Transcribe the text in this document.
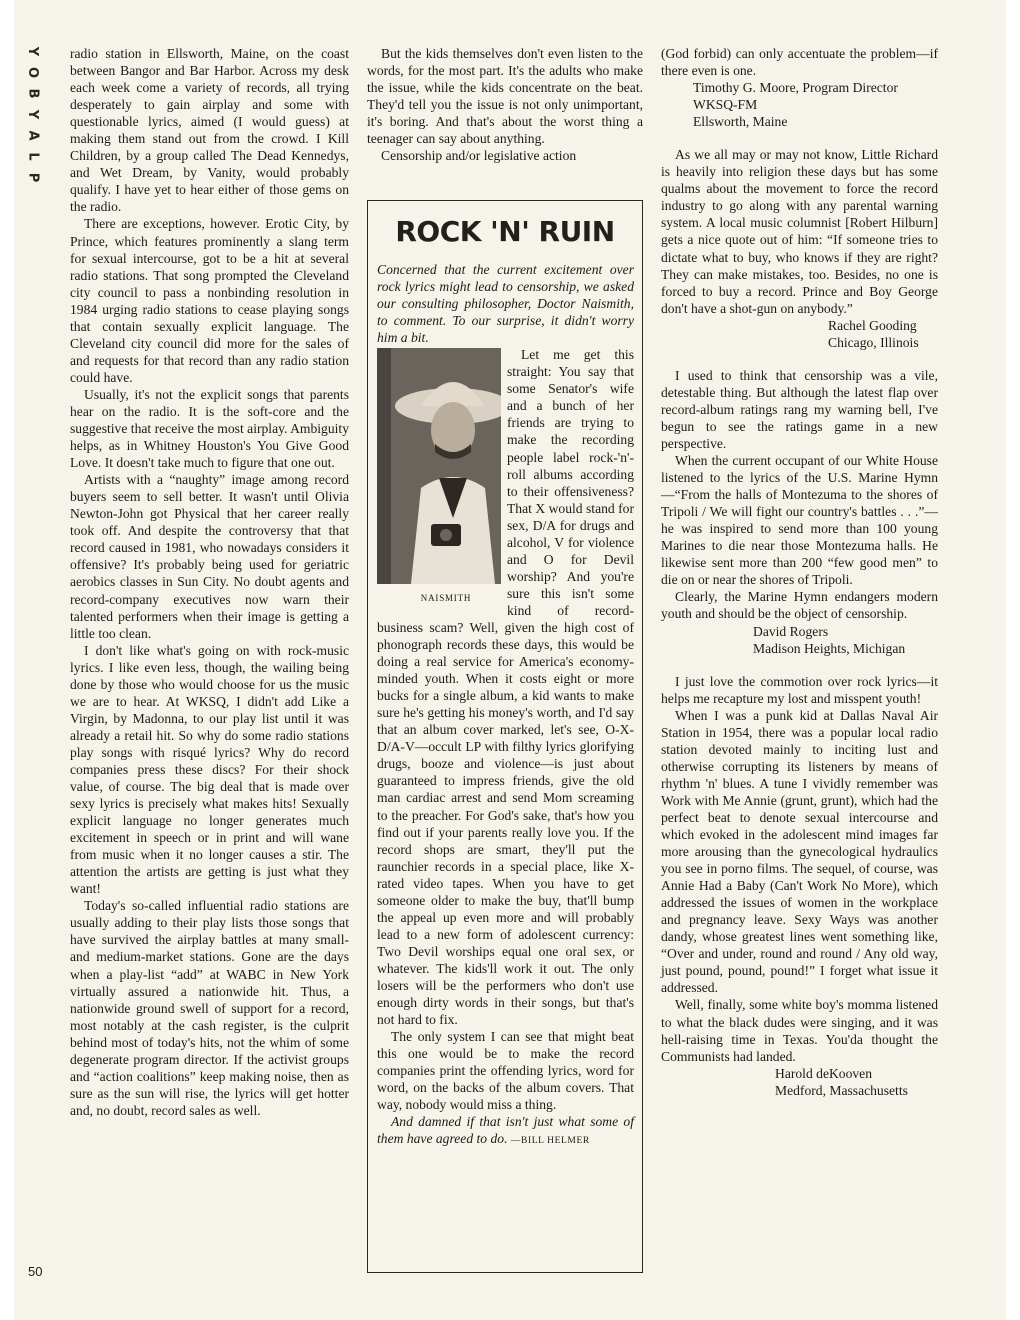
Y
O
B
Y
A
L
P
50

radio station in Ellsworth, Maine, on the coast between Bangor and Bar Harbor. Across my desk each week come a variety of records, all trying desperately to gain airplay and some with questionable lyrics, aimed (I would guess) at making them stand out from the crowd. I Kill Children, by a group called The Dead Kennedys, and Wet Dream, by Vanity, would probably qualify. I have yet to hear either of those gems on the radio.

There are exceptions, however. Erotic City, by Prince, which features prominently a slang term for sexual intercourse, got to be a hit at several radio stations. That song prompted the Cleveland city council to pass a nonbinding resolution in 1984 urging radio stations to cease playing songs that contain sexually explicit language. The Cleveland city council did more for the sales of and requests for that record than any radio station could have.

Usually, it's not the explicit songs that parents hear on the radio. It is the soft-core and the suggestive that receive the most airplay. Ambiguity helps, as in Whitney Houston's You Give Good Love. It doesn't take much to figure that one out.

Artists with a “naughty” image among record buyers seem to sell better. It wasn't until Olivia Newton-John got Physical that her career really took off. And despite the controversy that that record caused in 1981, who nowadays considers it offensive? It's probably being used for geriatric aerobics classes in Sun City. No doubt agents and record-company executives now warn their talented performers when their image is getting a little too clean.

I don't like what's going on with rock-music lyrics. I like even less, though, the wailing being done by those who would choose for us the music we are to hear. At WKSQ, I didn't add Like a Virgin, by Madonna, to our play list until it was already a retail hit. So why do some radio stations play songs with risqué lyrics? Why do record companies press these discs? For their shock value, of course. The big deal that is made over sexy lyrics is precisely what makes hits! Sexually explicit language no longer generates much excitement in speech or in print and will wane from music when it no longer causes a stir. The attention the artists are getting is just what they want!

Today's so-called influential radio stations are usually adding to their play lists those songs that have survived the airplay battles at many small- and medium-market stations. Gone are the days when a play-list “add” at WABC in New York virtually assured a nationwide hit. Thus, a nationwide ground swell of support for a record, most notably at the cash register, is the culprit behind most of today's hits, not the whim of some degenerate program director. If the activist groups and “action coalitions” keep making noise, then as sure as the sun will rise, the lyrics will get hotter and, no doubt, record sales as well.

But the kids themselves don't even listen to the words, for the most part. It's the adults who make the issue, while the kids concentrate on the beat. They'd tell you the issue is not only unimportant, it's boring. And that's about the worst thing a teenager can say about anything.

Censorship and/or legislative action

ROCK 'N' RUIN

Concerned that the current excitement over rock lyrics might lead to censorship, we asked our consulting philosopher, Doctor Naismith, to comment. To our surprise, it didn't worry him a bit.

NAISMITH
Let me get this straight: You say that some Senator's wife and a bunch of her friends are trying to make the recording people label rock-'n'-roll albums according to their offensiveness? That X would stand for sex, D/A for drugs and alcohol, V for violence and O for Devil worship? And you're sure this isn't some kind of record-business scam? Well, given the high cost of phonograph records these days, this would be doing a real service for America's economy-minded youth. When it costs eight or more bucks for a single album, a kid wants to make sure he's getting his money's worth, and I'd say that an album cover marked, let's see, O-X-D/A-V—occult LP with filthy lyrics glorifying drugs, booze and violence—is just about guaranteed to impress friends, give the old man cardiac arrest and send Mom screaming to the preacher. For God's sake, that's how you find out if your parents really love you. If the record shops are smart, they'll put the raunchier records in a special place, like X-rated video tapes. When you have to get someone older to make the buy, that'll bump the appeal up even more and will probably lead to a new form of adolescent currency: Two Devil worships equal one oral sex, or whatever. The kids'll work it out. The only losers will be the performers who don't use enough dirty words in their songs, but that's not hard to fix.

The only system I can see that might beat this one would be to make the record companies print the offending lyrics, word for word, on the backs of the album covers. That way, nobody would miss a thing.

And damned if that isn't just what some of them have agreed to do. —BILL HELMER

(God forbid) can only accentuate the problem—if there even is one.

Timothy G. Moore, Program Director
WKSQ-FM
Ellsworth, Maine

As we all may or may not know, Little Richard is heavily into religion these days but has some qualms about the movement to force the record industry to go along with any parental warning system. A local music columnist [Robert Hilburn] gets a nice quote out of him: “If someone tries to dictate what to buy, who knows if they are right? They can make mistakes, too. Besides, no one is forced to buy a record. Prince and Boy George don't have a shot-gun on anybody.”

Rachel Gooding
Chicago, Illinois

I used to think that censorship was a vile, detestable thing. But although the latest flap over record-album ratings rang my warning bell, I've begun to see the ratings game in a new perspective.

When the current occupant of our White House listened to the lyrics of the U.S. Marine Hymn—“From the halls of Montezuma to the shores of Tripoli / We will fight our country's battles . . .”—he was inspired to send more than 100 young Marines to die near those Montezuma halls. He likewise sent more than 200 “few good men” to die on or near the shores of Tripoli.

Clearly, the Marine Hymn endangers modern youth and should be the object of censorship.

David Rogers
Madison Heights, Michigan

I just love the commotion over rock lyrics—it helps me recapture my lost and misspent youth!

When I was a punk kid at Dallas Naval Air Station in 1954, there was a popular local radio station devoted mainly to inciting lust and otherwise corrupting its listeners by means of rhythm 'n' blues. A tune I vividly remember was Work with Me Annie (grunt, grunt), which had the perfect beat to denote sexual intercourse and which evoked in the adolescent mind images far more arousing than the gynecological hydraulics you see in porno films. The sequel, of course, was Annie Had a Baby (Can't Work No More), which addressed the issues of women in the workplace and pregnancy leave. Sexy Ways was another dandy, whose greatest lines went something like, “Over and under, round and round / Any old way, just pound, pound, pound!” I forget what issue it addressed.

Well, finally, some white boy's momma listened to what the black dudes were singing, and it was hell-raising time in Texas. You'da thought the Communists had landed.

Harold deKooven
Medford, Massachusetts
